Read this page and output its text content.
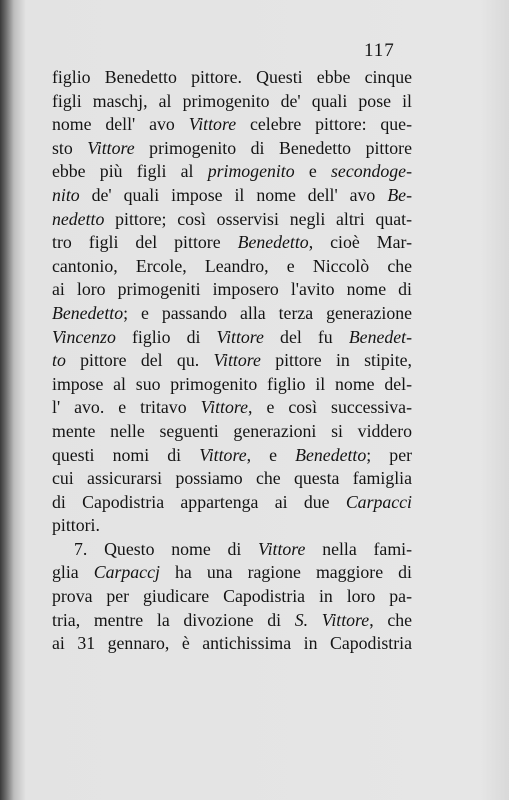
117
figlio Benedetto pittore. Questi ebbe cinque
figli maschj, al primogenito de' quali pose il
nome dell' avo Vittore celebre pittore: que-
sto Vittore primogenito di Benedetto pittore
ebbe più figli al primogenito e secondoge-
nito de' quali impose il nome dell' avo Be-
nedetto pittore; così osservisi negli altri quat-
tro figli del pittore Benedetto, cioè Mar-
cantonio, Ercole, Leandro, e Niccolò che
ai loro primogeniti imposero l'avito nome di
Benedetto; e passando alla terza generazione
Vincenzo figlio di Vittore del fu Benedet-
to pittore del qu. Vittore pittore in stipite,
impose al suo primogenito figlio il nome del-
l' avo. e tritavo Vittore, e così successiva-
mente nelle seguenti generazioni si viddero
questi nomi di Vittore, e Benedetto; per
cui assicurarsi possiamo che questa famiglia
di Capodistria appartenga ai due Carpacci
pittori.
7. Questo nome di Vittore nella fami-
glia Carpaccj ha una ragione maggiore di
prova per giudicare Capodistria in loro pa-
tria, mentre la divozione di S. Vittore, che
ai 31 gennaro, è antichissima in Capodistria
